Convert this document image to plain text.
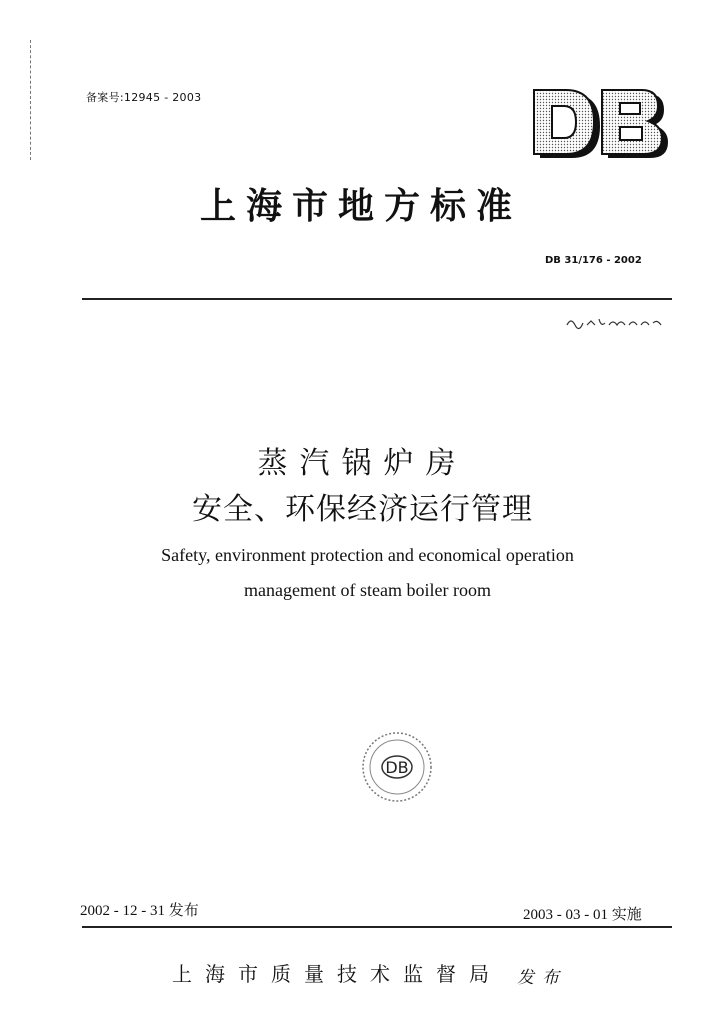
备案号:12945 - 2003
上海市地方标准
DB 31/176 - 2002
蒸汽锅炉房
安全、环保经济运行管理
Safety, environment protection and economical operation
management of steam boiler room
DB
2002 - 12 - 31 发布	2003 - 03 - 01 实施
上海市质量技术监督局 发布
